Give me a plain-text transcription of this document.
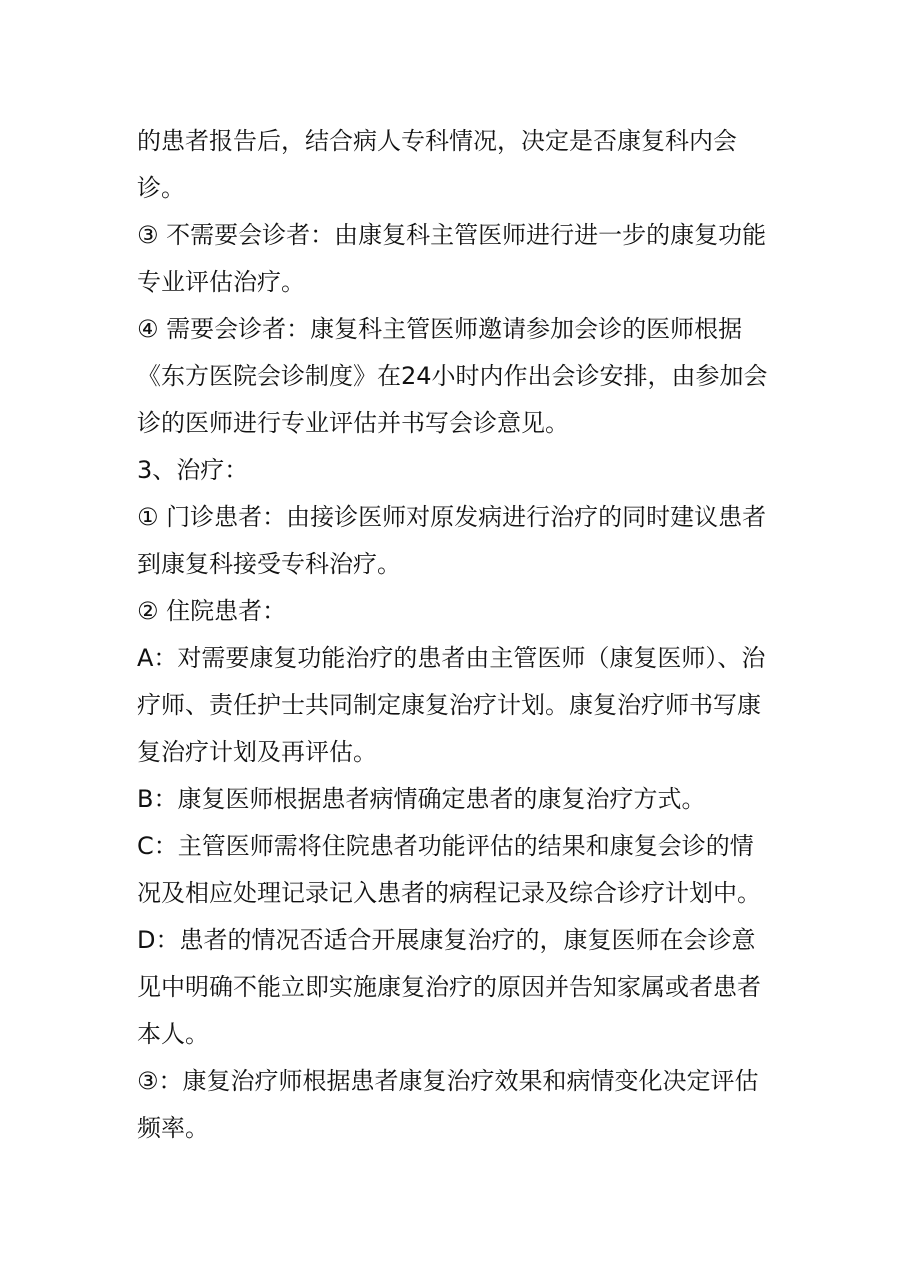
的患者报告后，结合病人专科情况，决定是否康复科内会诊。

③ 不需要会诊者：由康复科主管医师进行进一步的康复功能专业评估治疗。

④ 需要会诊者：康复科主管医师邀请参加会诊的医师根据《东方医院会诊制度》在24小时内作出会诊安排，由参加会诊的医师进行专业评估并书写会诊意见。

3、治疗：

① 门诊患者：由接诊医师对原发病进行治疗的同时建议患者到康复科接受专科治疗。

② 住院患者：

A：对需要康复功能治疗的患者由主管医师（康复医师）、治疗师、责任护士共同制定康复治疗计划。康复治疗师书写康复治疗计划及再评估。

B：康复医师根据患者病情确定患者的康复治疗方式。

C：主管医师需将住院患者功能评估的结果和康复会诊的情况及相应处理记录记入患者的病程记录及综合诊疗计划中。

D：患者的情况否适合开展康复治疗的，康复医师在会诊意见中明确不能立即实施康复治疗的原因并告知家属或者患者本人。

③：康复治疗师根据患者康复治疗效果和病情变化决定评估频率。
